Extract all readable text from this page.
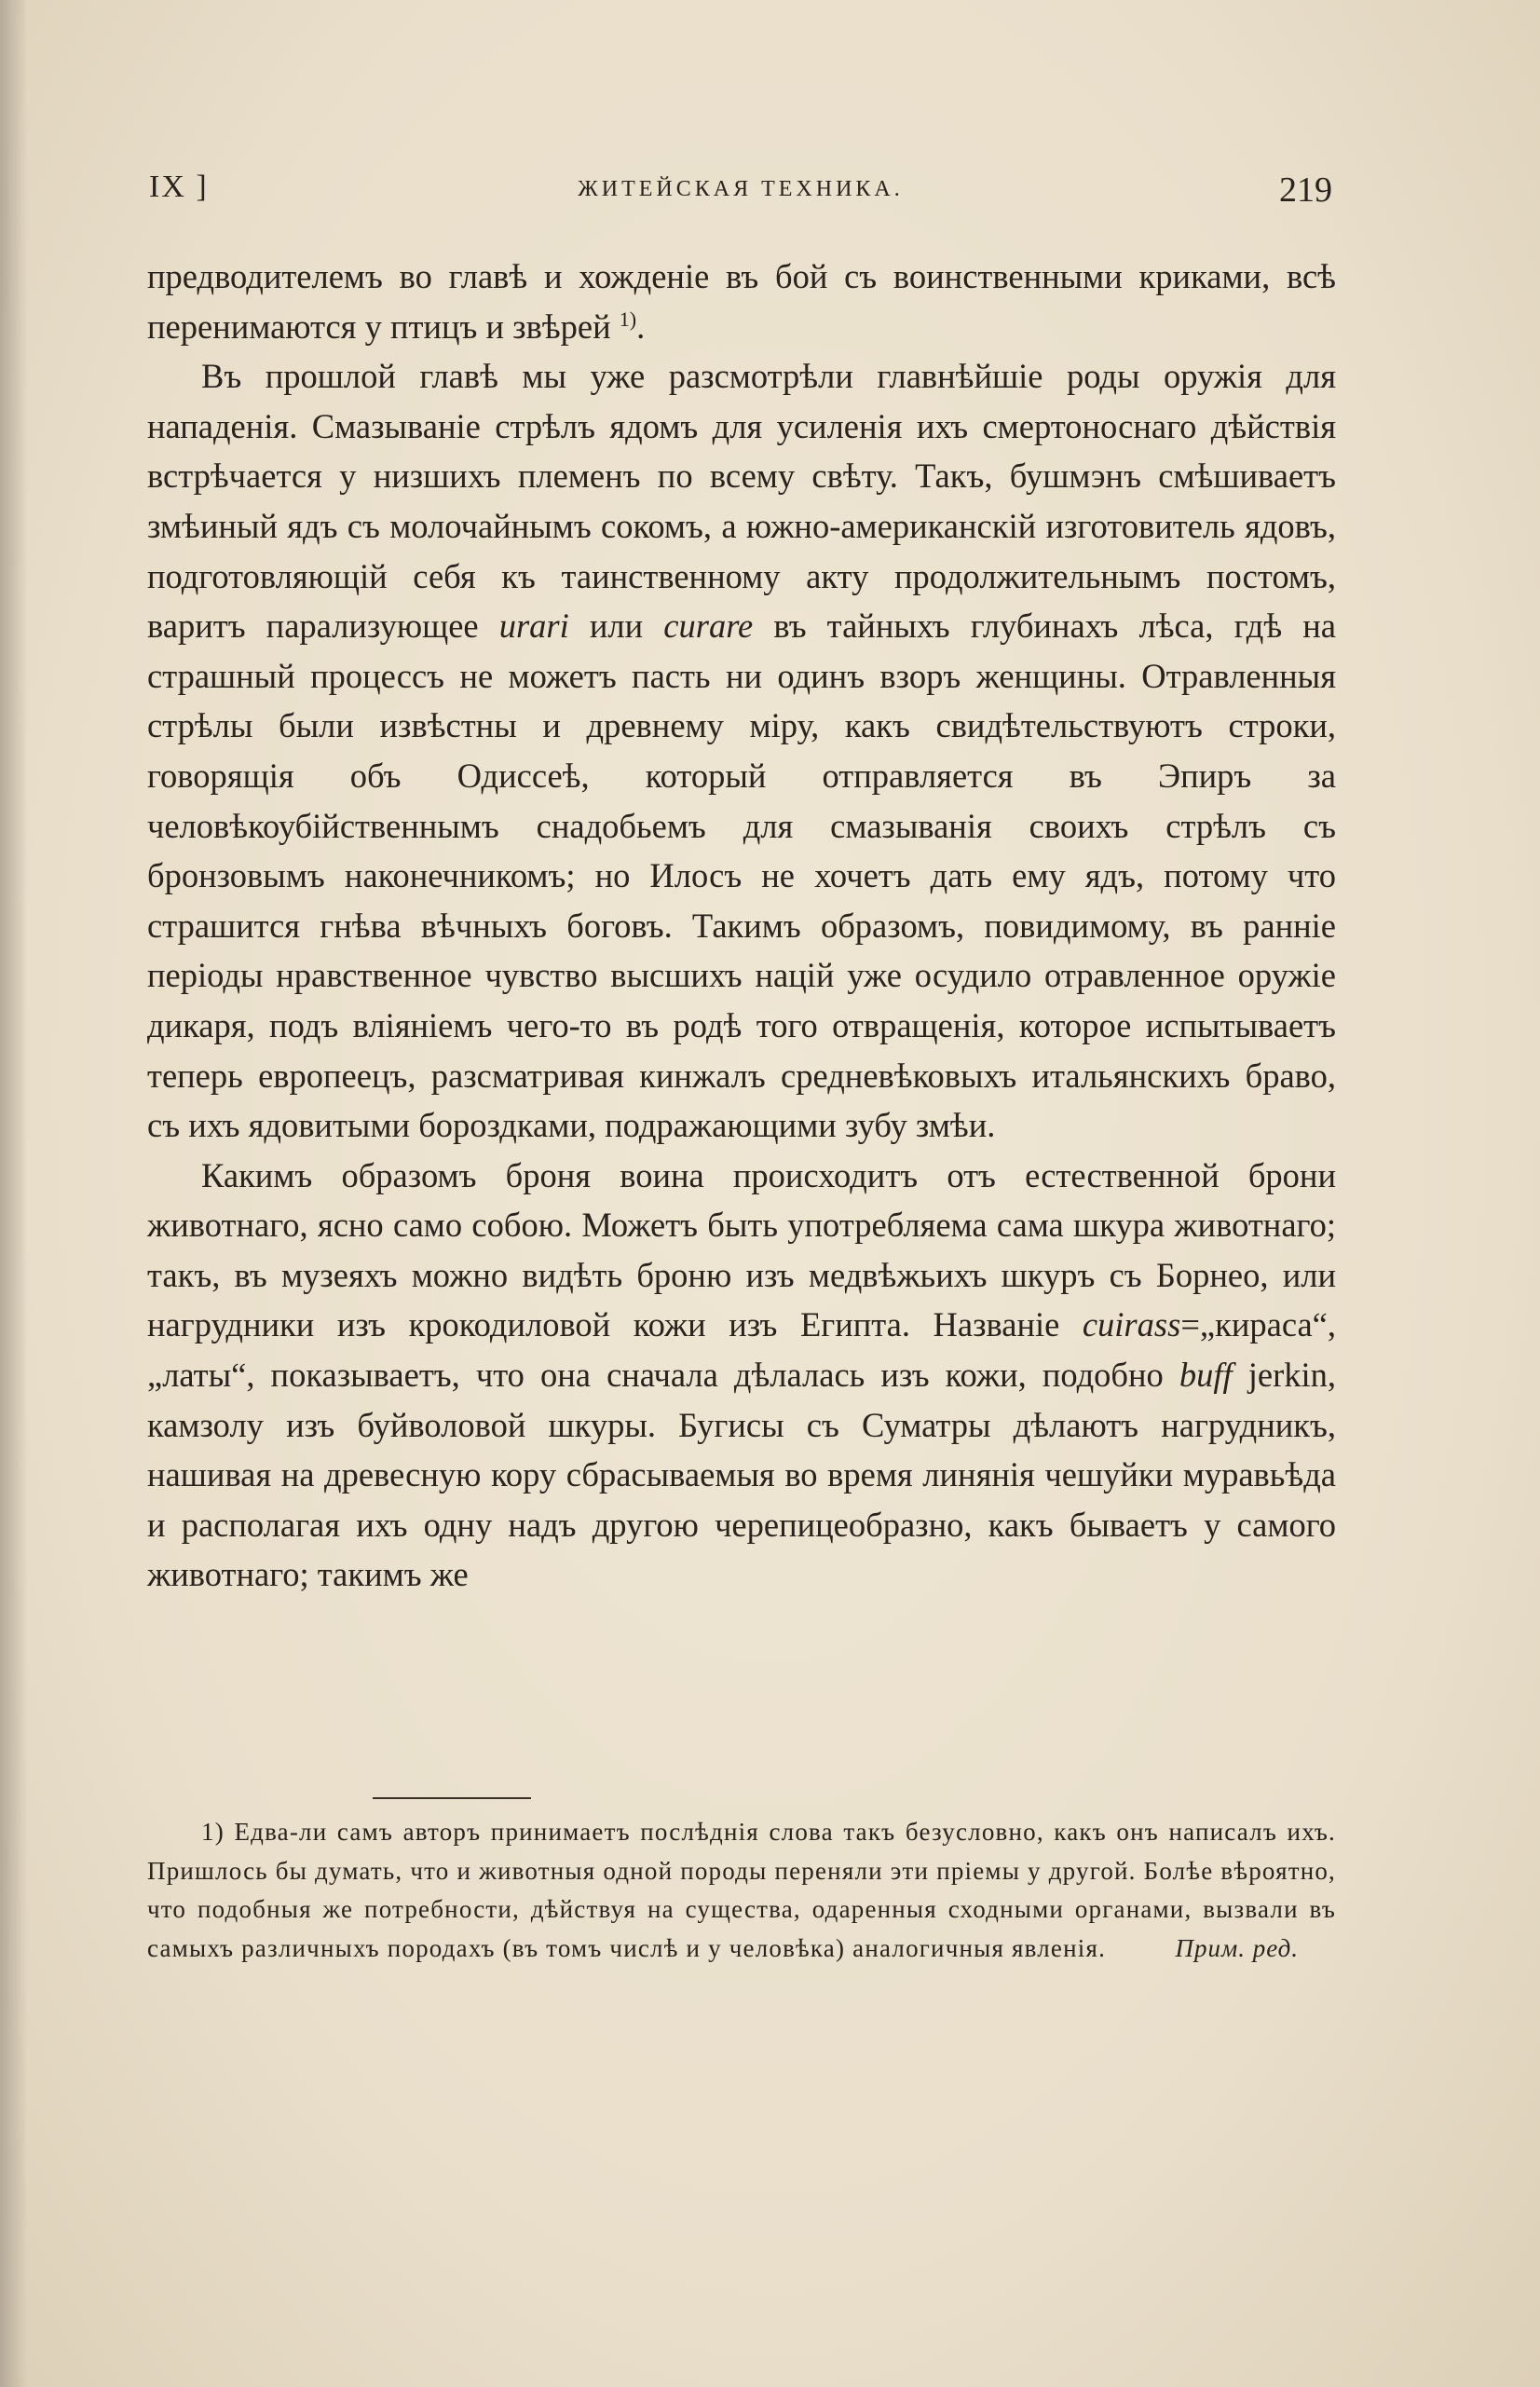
IX ]	ЖИТЕЙСКАЯ ТЕХНИКА.	219

предводителемъ во главѣ и хожденіе въ бой съ воинственными криками, всѣ перенимаются у птицъ и звѣрей $^{1)}$.

Въ прошлой главѣ мы уже разсмотрѣли главнѣйшіе роды оружія для нападенія. Смазываніе стрѣлъ ядомъ для усиленія ихъ смертоноснаго дѣйствія встрѣчается у низшихъ племенъ по всему свѣту. Такъ, бушмэнъ смѣшиваетъ змѣиный ядъ съ молочайнымъ сокомъ, а южно-американскій изготовитель ядовъ, подготовляющій себя къ таинственному акту продолжительнымъ постомъ, варитъ парализующее urari или curare въ тайныхъ глубинахъ лѣса, гдѣ на страшный процессъ не можетъ пасть ни одинъ взоръ женщины. Отравленныя стрѣлы были извѣстны и древнему міру, какъ свидѣтельствуютъ строки, говорящія объ Одиссеѣ, который отправляется въ Эпиръ за человѣкоубійственнымъ снадобьемъ для смазыванія своихъ стрѣлъ съ бронзовымъ наконечникомъ; но Илосъ не хочетъ дать ему ядъ, потому что страшится гнѣва вѣчныхъ боговъ. Такимъ образомъ, повидимому, въ ранніе періоды нравственное чувство высшихъ націй уже осудило отравленное оружіе дикаря, подъ вліяніемъ чего-то въ родѣ того отвращенія, которое испытываетъ теперь европеецъ, разсматривая кинжалъ средневѣковыхъ итальянскихъ браво, съ ихъ ядовитыми бороздками, подражающими зубу змѣи.

Какимъ образомъ броня воина происходитъ отъ естественной брони животнаго, ясно само собою. Можетъ быть употребляема сама шкура животнаго; такъ, въ музеяхъ можно видѣть броню изъ медвѣжьихъ шкуръ съ Борнео, или нагрудники изъ крокодиловой кожи изъ Египта. Названіе cuirass=„кираса“, „латы“, показываетъ, что она сначала дѣлалась изъ кожи, подобно buff jerkin, камзолу изъ буйволовой шкуры. Бугисы съ Суматры дѣлаютъ нагрудникъ, нашивая на древесную кору сбрасываемыя во время линянія чешуйки муравьѣда и располагая ихъ одну надъ другою черепицеобразно, какъ бываетъ у самого животнаго; такимъ же

1) Едва-ли самъ авторъ принимаетъ послѣднія слова такъ безусловно, какъ онъ написалъ ихъ. Пришлось бы думать, что и животныя одной породы переняли эти пріемы у другой. Болѣе вѣроятно, что подобныя же потребности, дѣйствуя на существа, одаренныя сходными органами, вызвали въ самыхъ различныхъ породахъ (въ томъ числѣ и у человѣка) аналогичныя явленія.	Прим. ред.
